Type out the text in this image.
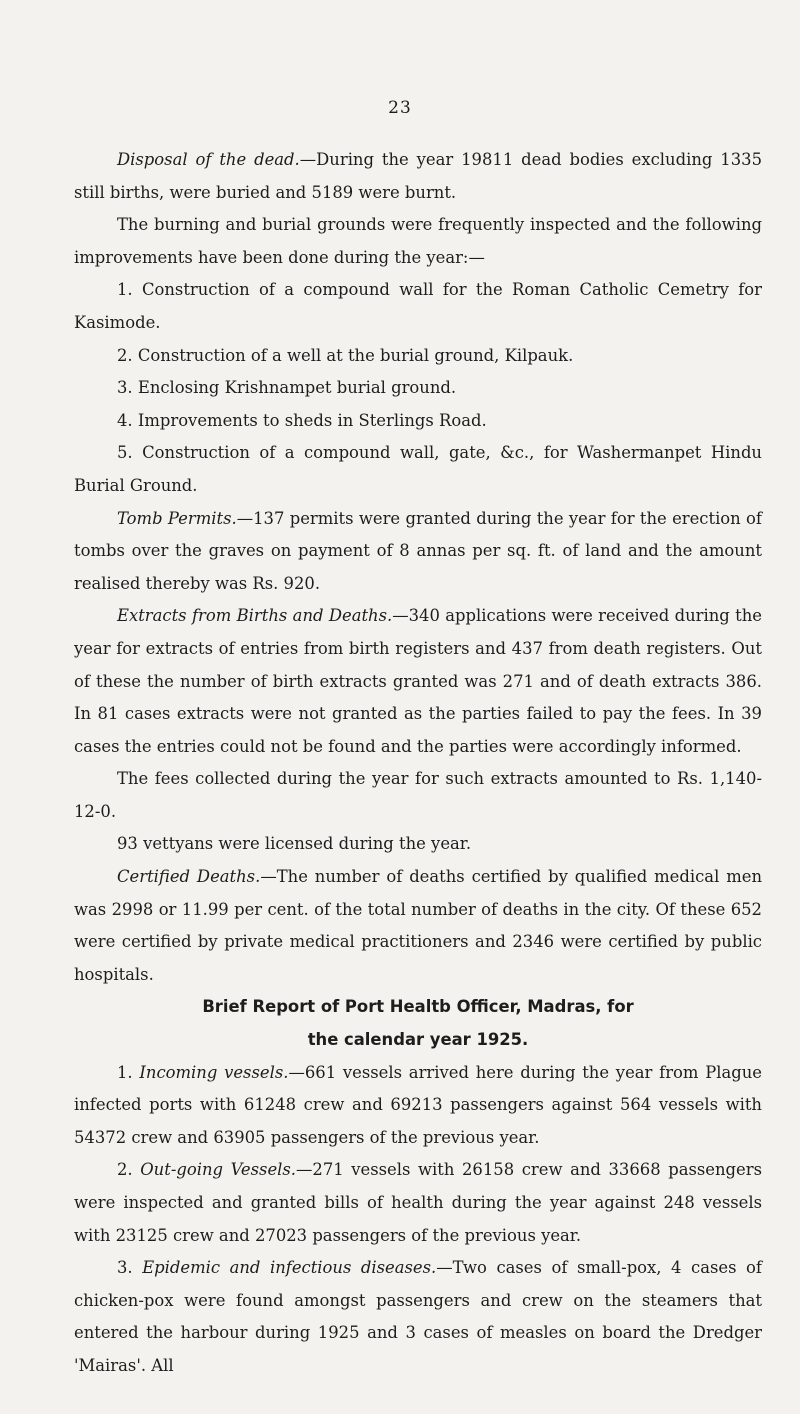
23

Disposal of the dead.—During the year 19811 dead bodies excluding 1335 still births, were buried and 5189 were burnt.

The burning and burial grounds were frequently inspected and the following improvements have been done during the year:—

1. Construction of a compound wall for the Roman Catholic Cemetry for Kasimode.

2. Construction of a well at the burial ground, Kilpauk.

3. Enclosing Krishnampet burial ground.

4. Improvements to sheds in Sterlings Road.

5. Construction of a compound wall, gate, &c., for Washermanpet Hindu Burial Ground.

Tomb Permits.—137 permits were granted during the year for the erection of tombs over the graves on payment of 8 annas per sq. ft. of land and the amount realised thereby was Rs. 920.

Extracts from Births and Deaths.—340 applications were received during the year for extracts of entries from birth registers and 437 from death registers. Out of these the number of birth extracts granted was 271 and of death extracts 386. In 81 cases extracts were not granted as the parties failed to pay the fees. In 39 cases the entries could not be found and the parties were accordingly informed.

The fees collected during the year for such extracts amounted to Rs. 1,140-12-0.

93 vettyans were licensed during the year.

Certified Deaths.—The number of deaths certified by qualified medical men was 2998 or 11.99 per cent. of the total number of deaths in the city. Of these 652 were certified by private medical practitioners and 2346 were certified by public hospitals.

Brief Report of Port Healtb Officer, Madras, for

the calendar year 1925.

1. Incoming vessels.—661 vessels arrived here during the year from Plague infected ports with 61248 crew and 69213 passengers against 564 vessels with 54372 crew and 63905 passengers of the previous year.

2. Out-going Vessels.—271 vessels with 26158 crew and 33668 passengers were inspected and granted bills of health during the year against 248 vessels with 23125 crew and 27023 passengers of the previous year.

3. Epidemic and infectious diseases.—Two cases of small-pox, 4 cases of chicken-pox were found amongst passengers and crew on the steamers that entered the harbour during 1925 and 3 cases of measles on board the Dredger 'Mairas'. All
